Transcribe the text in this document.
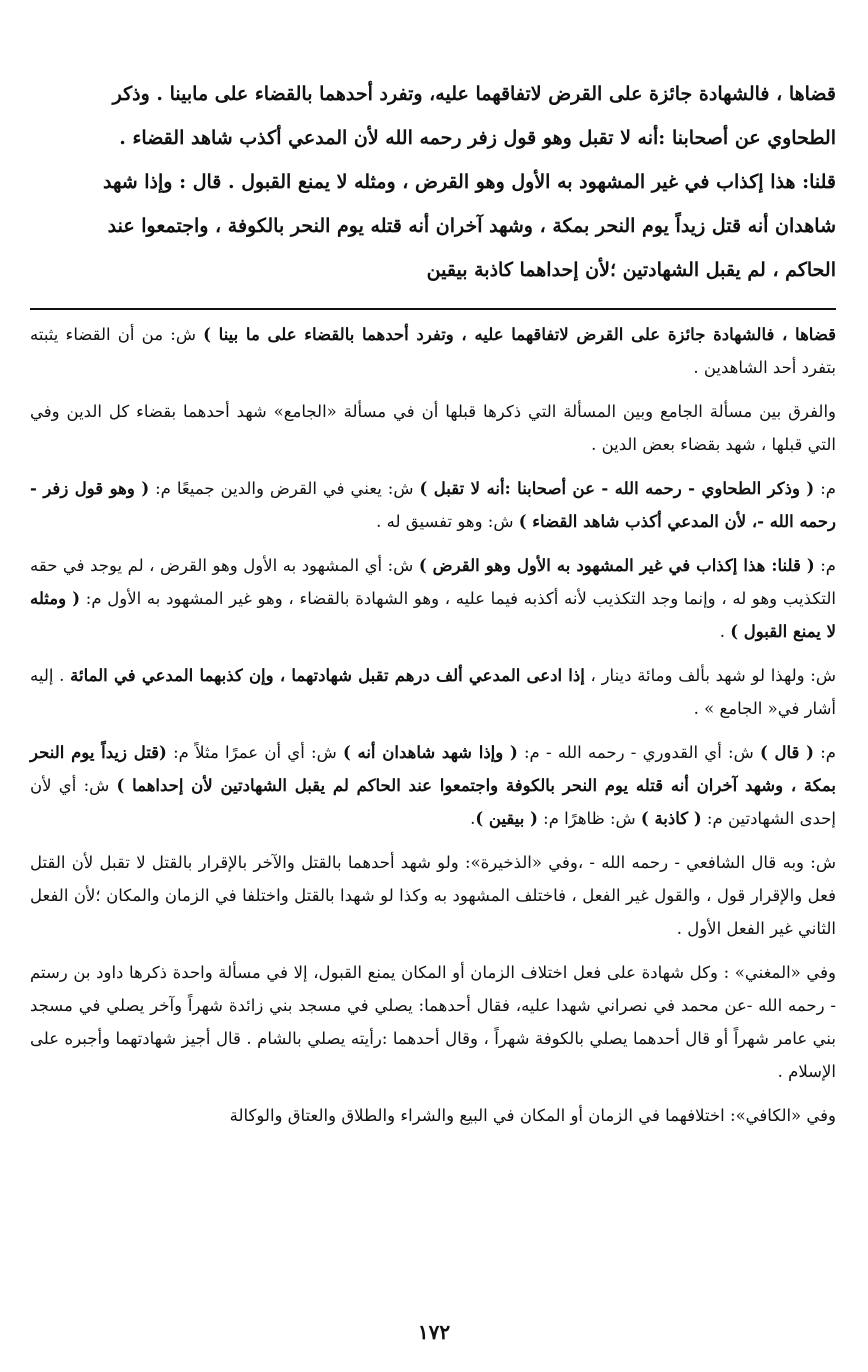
قضاها ، فالشهادة جائزة على القرض لاتفاقهما عليه، وتفرد أحدهما بالقضاء على مابينا . وذكر

الطحاوي عن أصحابنا :أنه لا تقبل وهو قول زفر رحمه الله لأن المدعي أكذب شاهد القضاء .

قلنا: هذا إكذاب في غير المشهود به الأول وهو القرض ، ومثله لا يمنع القبول . قال : وإذا شهد

شاهدان أنه قتل زيداً يوم النحر بمكة ، وشهد آخران أنه قتله يوم النحر بالكوفة ، واجتمعوا عند

الحاكم ، لم يقبل الشهادتين ؛لأن إحداهما كاذبة بيقين

قضاها ، فالشهادة جائزة على القرض لاتفاقهما عليه ، وتفرد أحدهما بالقضاء على ما بينا ) ش: من أن القضاء يثبته بتفرد أحد الشاهدين .

والفرق بين مسألة الجامع وبين المسألة التي ذكرها قبلها أن في مسألة «الجامع» شهد أحدهما بقضاء كل الدين وفي التي قبلها ، شهد بقضاء بعض الدين .

م: ( وذكر الطحاوي - رحمه الله - عن أصحابنا :أنه لا تقبل ) ش: يعني في القرض والدين جميعًا م: ( وهو قول زفر - رحمه الله -، لأن المدعي أكذب شاهد القضاء ) ش: وهو تفسيق له .

م: ( قلنا: هذا إكذاب في غير المشهود به الأول وهو القرض ) ش: أي المشهود به الأول وهو القرض ، لم يوجد في حقه التكذيب وهو له ، وإنما وجد التكذيب لأنه أكذبه فيما عليه ، وهو الشهادة بالقضاء ، وهو غير المشهود به الأول م: ( ومثله لا يمنع القبول ) .

ش: ولهذا لو شهد بألف ومائة دينار ، إذا ادعى المدعي ألف درهم تقبل شهادتهما ، وإن كذبهما المدعي في المائة . إليه أشار في« الجامع » .

م: ( قال ) ش: أي القدوري - رحمه الله - م: ( وإذا شهد شاهدان أنه ) ش: أي أن عمرًا مثلاً م: (قتل زيداً يوم النحر بمكة ، وشهد آخران أنه قتله يوم النحر بالكوفة واجتمعوا عند الحاكم لم يقبل الشهادتين لأن إحداهما ) ش: أي لأن إحدى الشهادتين م: ( كاذبة ) ش: ظاهرًا م: ( بيقين ).

ش: وبه قال الشافعي - رحمه الله - ،وفي «الذخيرة»: ولو شهد أحدهما بالقتل والآخر بالإقرار بالقتل لا تقبل لأن القتل فعل والإقرار قول ، والقول غير الفعل ، فاختلف المشهود به وكذا لو شهدا بالقتل واختلفا في الزمان والمكان ؛لأن الفعل الثاني غير الفعل الأول .

وفي «المغني» : وكل شهادة على فعل اختلاف الزمان أو المكان يمنع القبول، إلا في مسألة واحدة ذكرها داود بن رستم - رحمه الله -عن محمد في نصراني شهدا عليه، فقال أحدهما: يصلي في مسجد بني زائدة شهراً وآخر يصلي في مسجد بني عامر شهراً أو قال أحدهما يصلي بالكوفة شهراً ، وقال أحدهما :رأيته يصلي بالشام . قال أجيز شهادتهما وأجبره على الإسلام .

وفي «الكافي»: اختلافهما في الزمان أو المكان في البيع والشراء والطلاق والعتاق والوكالة

١٧٢
